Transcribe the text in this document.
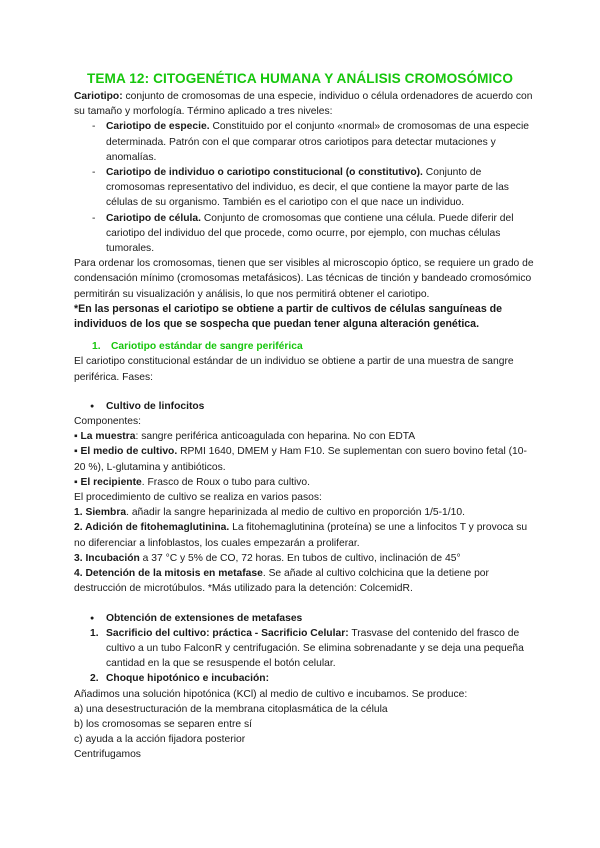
TEMA 12: CITOGENÉTICA HUMANA Y ANÁLISIS CROMOSÓMICO

Cariotipo: conjunto de cromosomas de una especie, individuo o célula ordenadores de acuerdo con su tamaño y morfología. Término aplicado a tres niveles:

- Cariotipo de especie. Constituido por el conjunto «normal» de cromosomas de una especie determinada. Patrón con el que comparar otros cariotipos para detectar mutaciones y anomalías.

- Cariotipo de individuo o cariotipo constitucional (o constitutivo). Conjunto de cromosomas representativo del individuo, es decir, el que contiene la mayor parte de las células de su organismo. También es el cariotipo con el que nace un individuo.

- Cariotipo de célula. Conjunto de cromosomas que contiene una célula. Puede diferir del cariotipo del individuo del que procede, como ocurre, por ejemplo, con muchas células tumorales.

Para ordenar los cromosomas, tienen que ser visibles al microscopio óptico, se requiere un grado de condensación mínimo (cromosomas metafásicos). Las técnicas de tinción y bandeado cromosómico permitirán su visualización y análisis, lo que nos permitirá obtener el cariotipo.

*En las personas el cariotipo se obtiene a partir de cultivos de células sanguíneas de individuos de los que se sospecha que puedan tener alguna alteración genética.

1. Cariotipo estándar de sangre periférica

El cariotipo constitucional estándar de un individuo se obtiene a partir de una muestra de sangre periférica. Fases:

● Cultivo de linfocitos

Componentes:

▪ La muestra: sangre periférica anticoagulada con heparina. No con EDTA

▪ El medio de cultivo. RPMI 1640, DMEM y Ham F10. Se suplementan con suero bovino fetal (10-20 %), L-glutamina y antibióticos.

▪ El recipiente. Frasco de Roux o tubo para cultivo.

El procedimiento de cultivo se realiza en varios pasos:

1. Siembra. añadir la sangre heparinizada al medio de cultivo en proporción 1/5-1/10.

2. Adición de fitohemaglutinina. La fitohemaglutinina (proteína) se une a linfocitos T y provoca su no diferenciar a linfoblastos, los cuales empezarán a proliferar.

3. Incubación a 37 °C y 5% de CO, 72 horas. En tubos de cultivo, inclinación de 45°

4. Detención de la mitosis en metafase. Se añade al cultivo colchicina que la detiene por destrucción de microtúbulos. *Más utilizado para la detención: ColcemidR.

● Obtención de extensiones de metafases

1. Sacrificio del cultivo: práctica - Sacrificio Celular: Trasvase del contenido del frasco de cultivo a un tubo FalconR y centrifugación. Se elimina sobrenadante y se deja una pequeña cantidad en la que se resuspende el botón celular.

2. Choque hipotónico e incubación:

Añadimos una solución hipotónica (KCl) al medio de cultivo e incubamos. Se produce:

a) una desestructuración de la membrana citoplasmática de la célula

b) los cromosomas se separen entre sí

c) ayuda a la acción fijadora posterior

Centrifugamos
